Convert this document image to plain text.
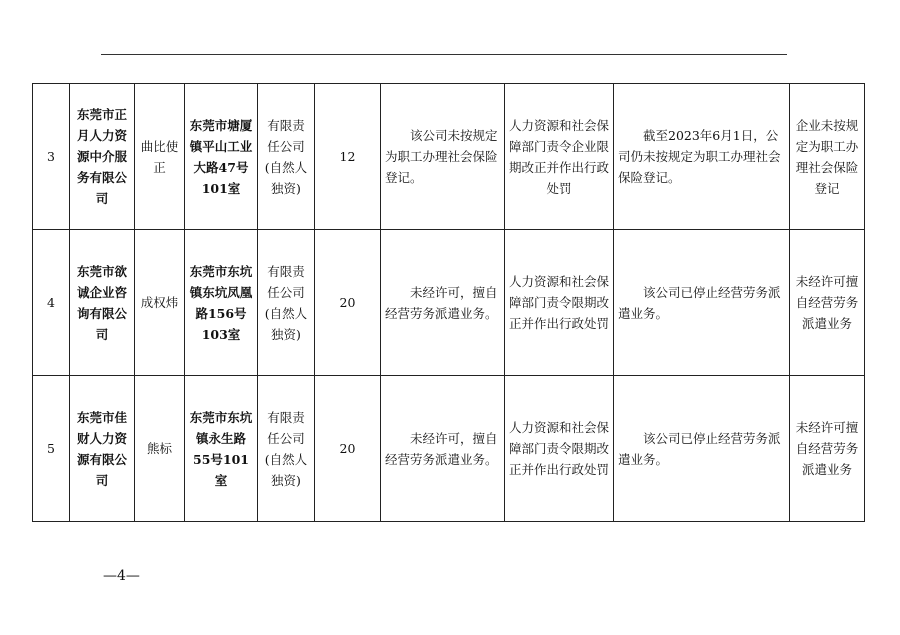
3	东莞市正月人力资源中介服务有限公司	曲比使正	东莞市塘厦镇平山工业大路47号101室	有限责任公司(自然人独资)	12	该公司未按规定为职工办理社会保险登记。	人力资源和社会保障部门责令企业限期改正并作出行政处罚	截至2023年6月1日，公司仍未按规定为职工办理社会保险登记。	企业未按规定为职工办理社会保险登记
4	东莞市欲诚企业咨询有限公司	成权炜	东莞市东坑镇东坑凤凰路156号103室	有限责任公司(自然人独资)	20	未经许可，擅自经营劳务派遣业务。	人力资源和社会保障部门责令限期改正并作出行政处罚	该公司已停止经营劳务派遣业务。	未经许可擅自经营劳务派遣业务
5	东莞市佳财人力资源有限公司	熊标	东莞市东坑镇永生路55号101室	有限责任公司(自然人独资)	20	未经许可，擅自经营劳务派遣业务。	人力资源和社会保障部门责令限期改正并作出行政处罚	该公司已停止经营劳务派遣业务。	未经许可擅自经营劳务派遣业务
—4—
